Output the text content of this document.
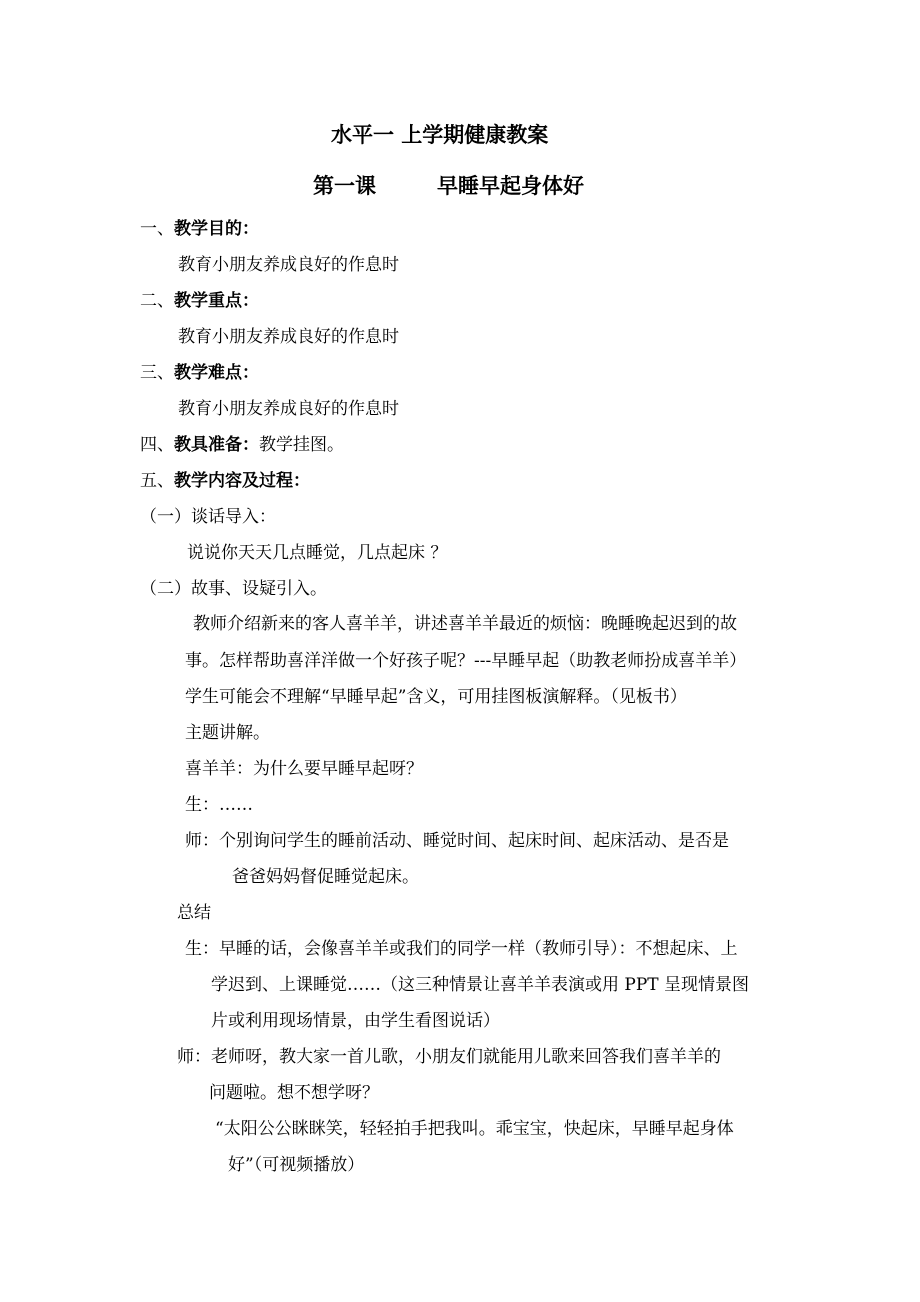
水平一 上学期健康教案
第一课	早睡早起身体好
一、教学目的：
教育小朋友养成良好的作息时
二、教学重点：
教育小朋友养成良好的作息时
三、教学难点：
教育小朋友养成良好的作息时
四、教具准备：教学挂图。
五、教学内容及过程：
（一）谈话导入：
说说你天天几点睡觉，几点起床 ？
（二）故事、设疑引入。
教师介绍新来的客人喜羊羊，讲述喜羊羊最近的烦恼：晚睡晚起迟到的故
事。怎样帮助喜洋洋做一个好孩子呢？---早睡早起（助教老师扮成喜羊羊）
学生可能会不理解“早睡早起”含义，可用挂图板演解释。（见板书）
主题讲解。
喜羊羊：为什么要早睡早起呀？
生：……
师：个别询问学生的睡前活动、睡觉时间、起床时间、起床活动、是否是
爸爸妈妈督促睡觉起床。
总结
生：早睡的话，会像喜羊羊或我们的同学一样（教师引导）：不想起床、上
学迟到、上课睡觉……（这三种情景让喜羊羊表演或用 PPT 呈现情景图
片或利用现场情景，由学生看图说话）
师：老师呀，教大家一首儿歌，小朋友们就能用儿歌来回答我们喜羊羊的
问题啦。想不想学呀？
“太阳公公眯眯笑，轻轻拍手把我叫。乖宝宝，快起床，早睡早起身体
好”（可视频播放）
